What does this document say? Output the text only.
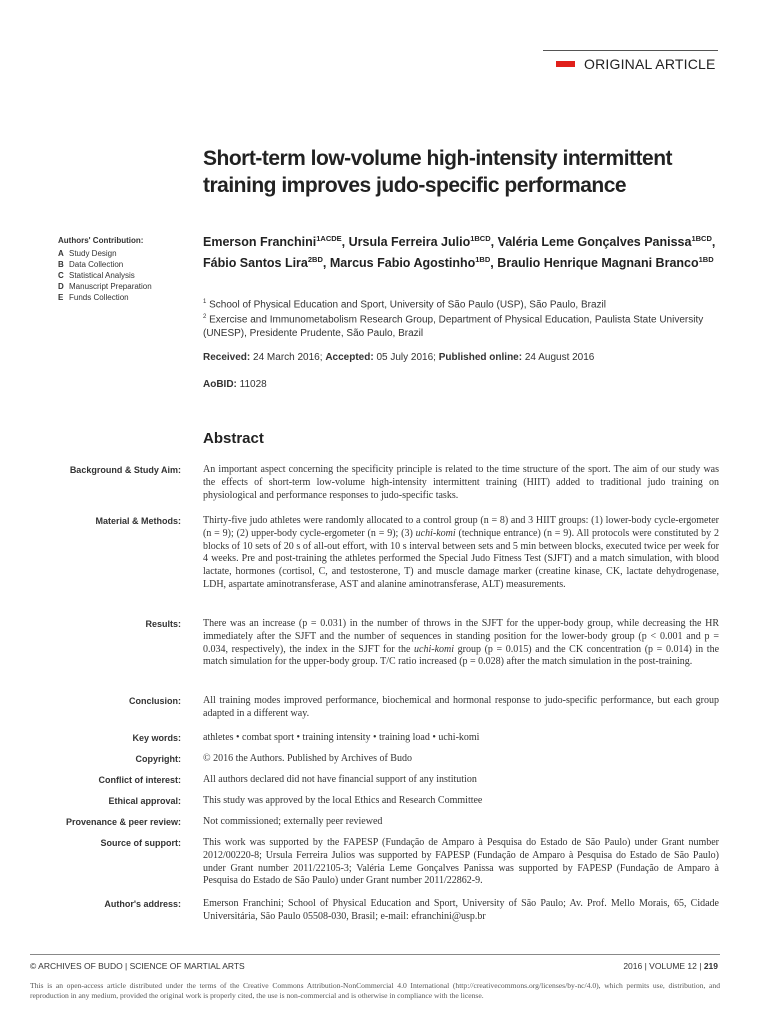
ORIGINAL ARTICLE
Short-term low-volume high-intensity intermittent training improves judo-specific performance
Authors' Contribution:
A Study Design
B Data Collection
C Statistical Analysis
D Manuscript Preparation
E Funds Collection
Emerson Franchini$^{1ACDE}$, Ursula Ferreira Julio$^{1BCD}$, Valéria Leme Gonçalves Panissa$^{1BCD}$, Fábio Santos Lira$^{2BD}$, Marcus Fabio Agostinho$^{1BD}$, Braulio Henrique Magnani Branco$^{1BD}$
$^1$ School of Physical Education and Sport, University of São Paulo (USP), São Paulo, Brazil
$^2$ Exercise and Immunometabolism Research Group, Department of Physical Education, Paulista State University (UNESP), Presidente Prudente, São Paulo, Brazil
Received: 24 March 2016; Accepted: 05 July 2016; Published online: 24 August 2016
AoBID: 11028
Abstract
Background & Study Aim: An important aspect concerning the specificity principle is related to the time structure of the sport. The aim of our study was the effects of short-term low-volume high-intensity intermittent training (HIIT) added to traditional judo training on physiological and performance responses to judo-specific tasks.
Material & Methods: Thirty-five judo athletes were randomly allocated to a control group (n = 8) and 3 HIIT groups: (1) lower-body cycle-ergometer (n = 9); (2) upper-body cycle-ergometer (n = 9); (3) uchi-komi (technique entrance) (n = 9). All protocols were constituted by 2 blocks of 10 sets of 20 s of all-out effort, with 10 s interval between sets and 5 min between blocks, executed twice per week for 4 weeks. Pre and post-training the athletes performed the Special Judo Fitness Test (SJFT) and a match simulation, with blood lactate, hormones (cortisol, C, and testosterone, T) and muscle damage marker (creatine kinase, CK, lactate dehydrogenase, LDH, aspartate aminotransferase, AST and alanine aminotransferase, ALT) measurements.
Results: There was an increase (p = 0.031) in the number of throws in the SJFT for the upper-body group, while decreasing the HR immediately after the SJFT and the number of sequences in standing position for the lower-body group (p < 0.001 and p = 0.034, respectively), the index in the SJFT for the uchi-komi group (p = 0.015) and the CK concentration (p = 0.014) in the match simulation for the upper-body group. T/C ratio increased (p = 0.028) after the match simulation in the post-training.
Conclusion: All training modes improved performance, biochemical and hormonal response to judo-specific performance, but each group adapted in a different way.
Key words: athletes • combat sport • training intensity • training load • uchi-komi
Copyright: © 2016 the Authors. Published by Archives of Budo
Conflict of interest: All authors declared did not have financial support of any institution
Ethical approval: This study was approved by the local Ethics and Research Committee
Provenance & peer review: Not commissioned; externally peer reviewed
Source of support: This work was supported by the FAPESP (Fundação de Amparo à Pesquisa do Estado de São Paulo) under Grant number 2012/00220-8; Ursula Ferreira Julios was supported by FAPESP (Fundação de Amparo à Pesquisa do Estado de São Paulo) under Grant number 2011/22105-3; Valéria Leme Gonçalves Panissa was supported by FAPESP (Fundação de Amparo à Pesquisa do Estado de São Paulo) under Grant number 2011/22862-9.
Author's address: Emerson Franchini; School of Physical Education and Sport, University of São Paulo; Av. Prof. Mello Morais, 65, Cidade Universitária, São Paulo 05508-030, Brasil; e-mail: efranchini@usp.br
© ARCHIVES OF BUDO | SCIENCE OF MARTIAL ARTS	2016 | VOLUME 12 | 219
This is an open-access article distributed under the terms of the Creative Commons Attribution-NonCommercial 4.0 International (http://creativecommons.org/licenses/by-nc/4.0), which permits use, distribution, and reproduction in any medium, provided the original work is properly cited, the use is non-commercial and is otherwise in compliance with the license.
